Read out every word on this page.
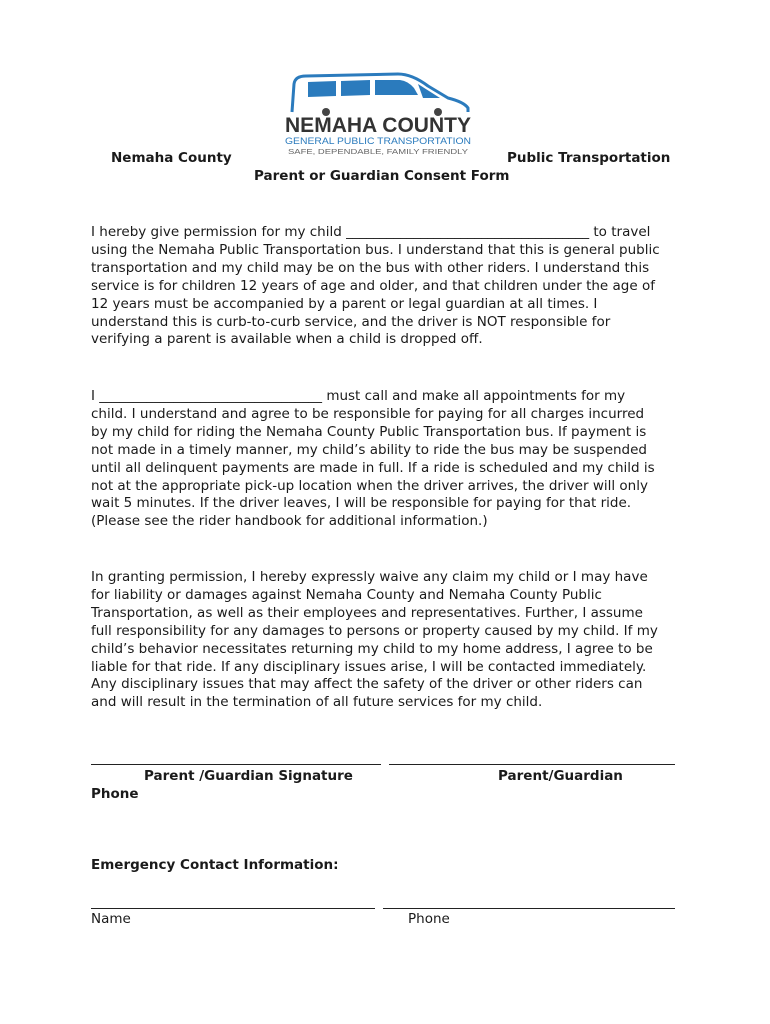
NEMAHA COUNTY
GENERAL PUBLIC TRANSPORTATION
SAFE, DEPENDABLE, FAMILY FRIENDLY
Nemaha County	Public Transportation
Parent or Guardian Consent Form

I hereby give permission for my child ____________________________________ to travel
using the Nemaha Public Transportation bus. I understand that this is general public
transportation and my child may be on the bus with other riders. I understand this
service is for children 12 years of age and older, and that children under the age of
12 years must be accompanied by a parent or legal guardian at all times. I
understand this is curb-to-curb service, and the driver is NOT responsible for
verifying a parent is available when a child is dropped off.

I _________________________________ must call and make all appointments for my
child. I understand and agree to be responsible for paying for all charges incurred
by my child for riding the Nemaha County Public Transportation bus. If payment is
not made in a timely manner, my child’s ability to ride the bus may be suspended
until all delinquent payments are made in full. If a ride is scheduled and my child is
not at the appropriate pick-up location when the driver arrives, the driver will only
wait 5 minutes. If the driver leaves, I will be responsible for paying for that ride.
(Please see the rider handbook for additional information.)

In granting permission, I hereby expressly waive any claim my child or I may have
for liability or damages against Nemaha County and Nemaha County Public
Transportation, as well as their employees and representatives. Further, I assume
full responsibility for any damages to persons or property caused by my child. If my
child’s behavior necessitates returning my child to my home address, I agree to be
liable for that ride. If any disciplinary issues arise, I will be contacted immediately.
Any disciplinary issues that may affect the safety of the driver or other riders can
and will result in the termination of all future services for my child.

Parent /Guardian Signature	Parent/Guardian
Phone
Emergency Contact Information:
Name	Phone
